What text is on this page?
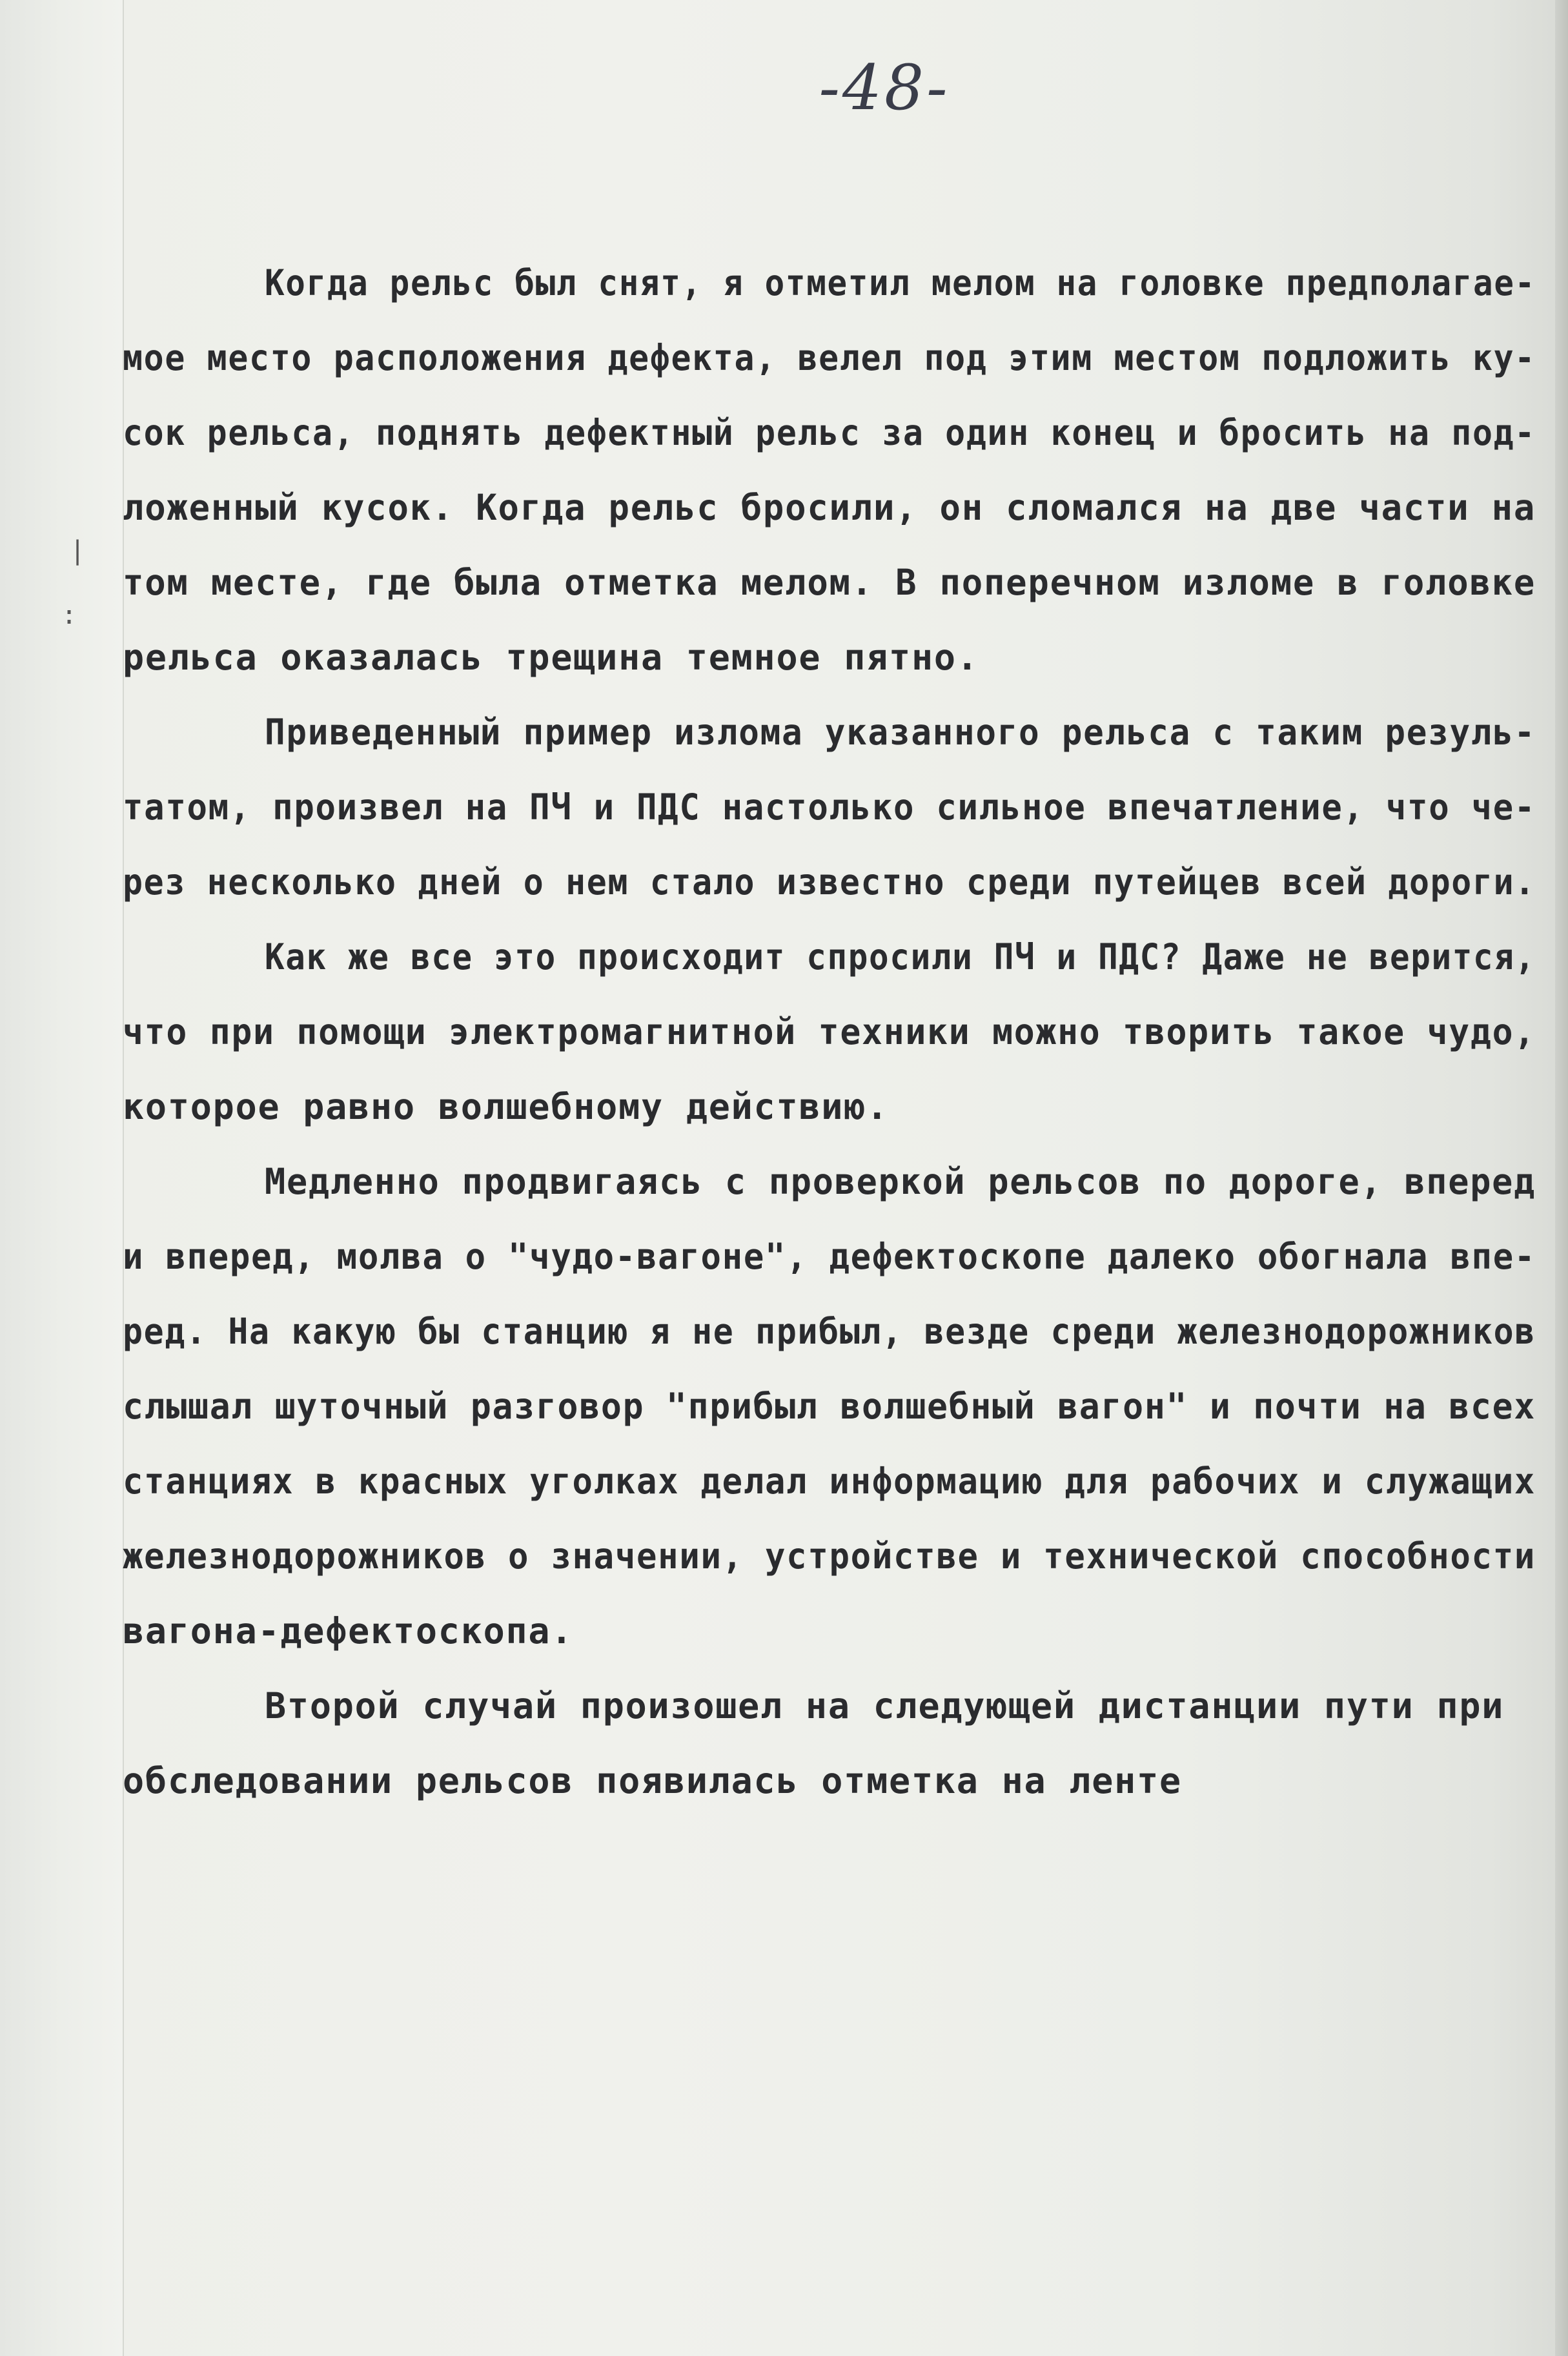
-48-
|
:
Когда рельс был снят, я отметил мелом на головке предполагае-
мое место расположения дефекта, велел под этим местом подложить ку-
сок рельса, поднять дефектный рельс за один конец и бросить на под-
ложенный кусок. Когда рельс бросили, он сломался на две части на
том месте, где была отметка мелом. В поперечном изломе в головке
рельса оказалась трещина темное пятно.
Приведенный пример излома указанного рельса с таким резуль-
татом, произвел на ПЧ и ПДС настолько сильное впечатление, что че-
рез несколько дней о нем стало известно среди путейцев всей дороги.
Как же все это происходит спросили ПЧ и ПДС? Даже не верится,
что при помощи электромагнитной техники можно творить такое чудо,
которое равно волшебному действию.
Медленно продвигаясь с проверкой рельсов по дороге, вперед
и вперед, молва о "чудо-вагоне", дефектоскопе далеко обогнала впе-
ред. На какую бы станцию я не прибыл, везде среди железнодорожников
слышал шуточный разговор "прибыл волшебный вагон" и почти на всех
станциях в красных уголках делал информацию для рабочих и служащих
железнодорожников о значении, устройстве и технической способности
вагона-дефектоскопа.
Второй случай произошел на следующей дистанции пути при
обследовании рельсов появилась отметка на ленте
